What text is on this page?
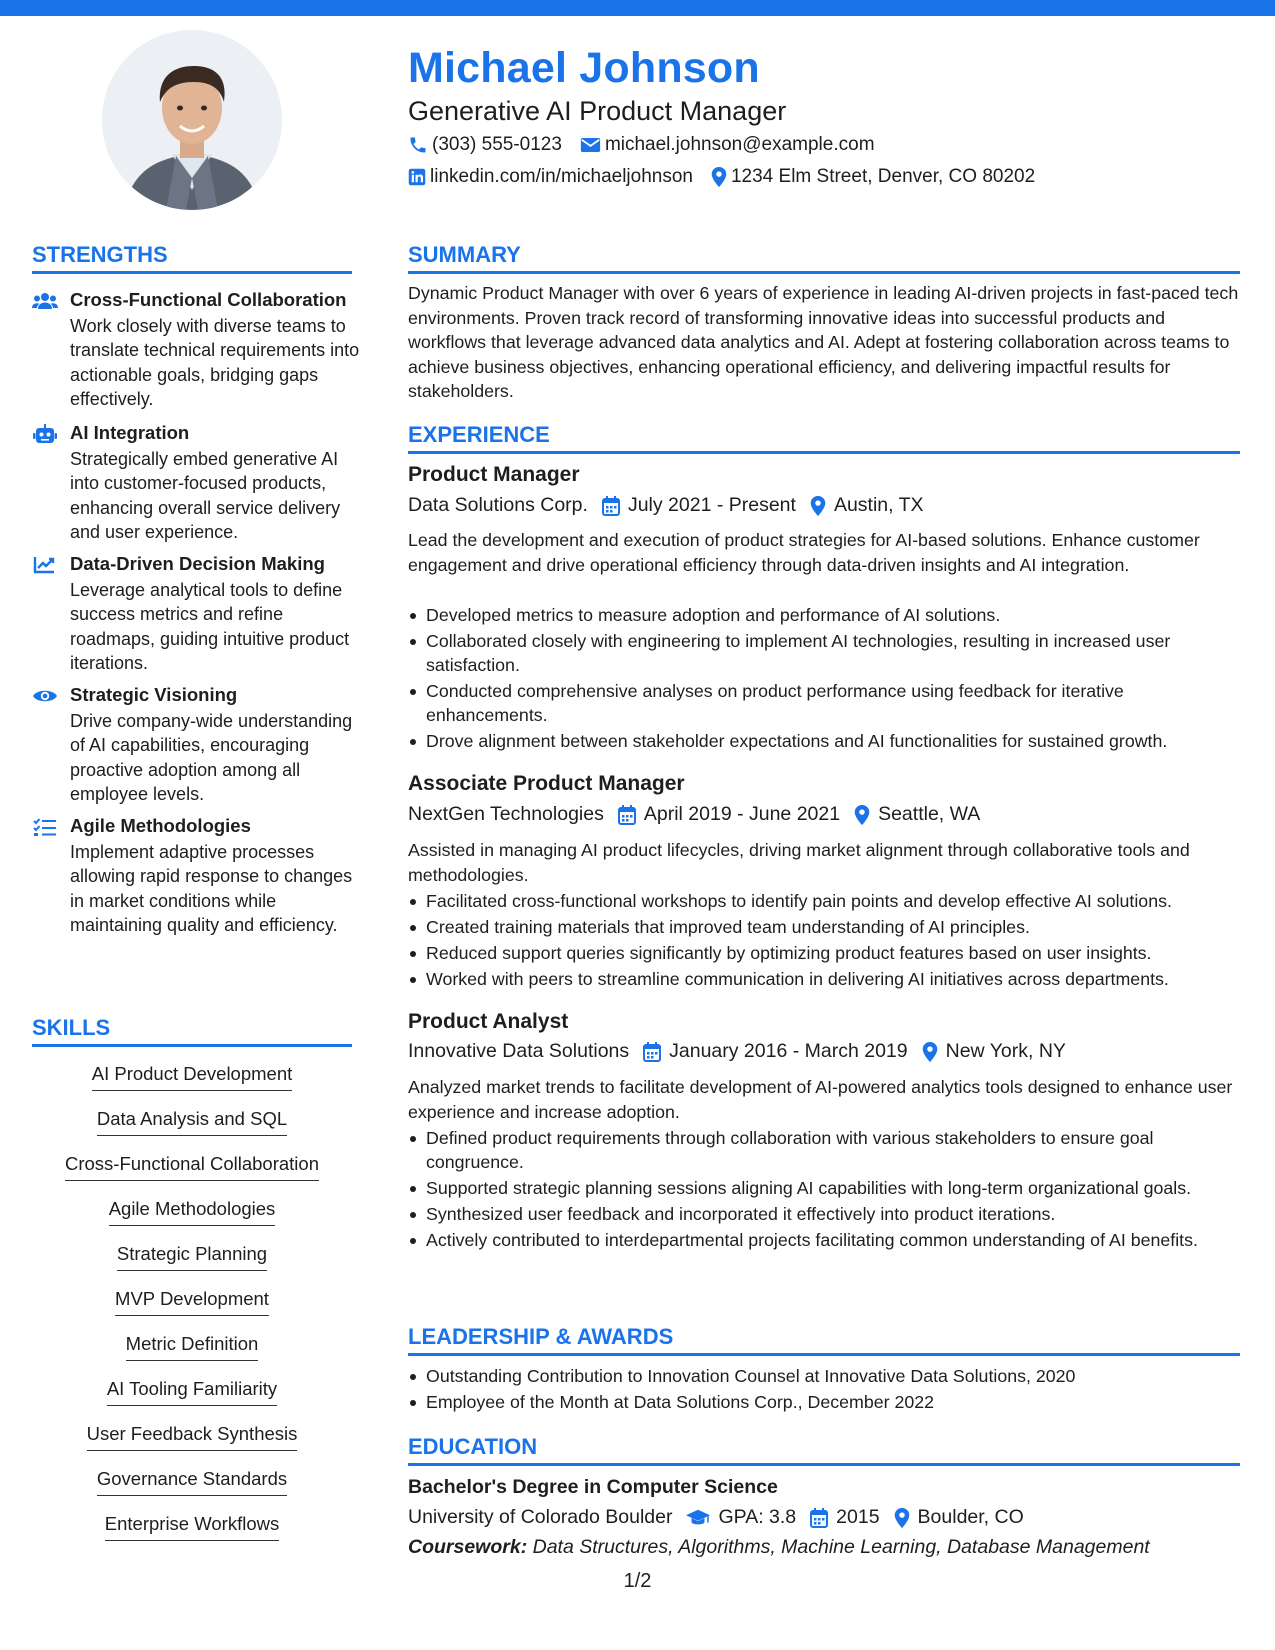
Michael Johnson
Generative AI Product Manager
(303) 555-0123 michael.johnson@example.com
linkedin.com/in/michaeljohnson 1234 Elm Street, Denver, CO 80202
STRENGTHS
Cross-Functional Collaboration
Work closely with diverse teams to translate technical requirements into actionable goals, bridging gaps effectively.
AI Integration
Strategically embed generative AI into customer-focused products, enhancing overall service delivery and user experience.
Data-Driven Decision Making
Leverage analytical tools to define success metrics and refine roadmaps, guiding intuitive product iterations.
Strategic Visioning
Drive company-wide understanding of AI capabilities, encouraging proactive adoption among all employee levels.
Agile Methodologies
Implement adaptive processes allowing rapid response to changes in market conditions while maintaining quality and efficiency.
SKILLS
AI Product Development
Data Analysis and SQL
Cross-Functional Collaboration
Agile Methodologies
Strategic Planning
MVP Development
Metric Definition
AI Tooling Familiarity
User Feedback Synthesis
Governance Standards
Enterprise Workflows
SUMMARY
Dynamic Product Manager with over 6 years of experience in leading AI-driven projects in fast-paced tech environments. Proven track record of transforming innovative ideas into successful products and workflows that leverage advanced data analytics and AI. Adept at fostering collaboration across teams to achieve business objectives, enhancing operational efficiency, and delivering impactful results for stakeholders.
EXPERIENCE
Product Manager
Data Solutions Corp. July 2021 - Present Austin, TX
Lead the development and execution of product strategies for AI-based solutions. Enhance customer engagement and drive operational efficiency through data-driven insights and AI integration.
Developed metrics to measure adoption and performance of AI solutions.
Collaborated closely with engineering to implement AI technologies, resulting in increased user satisfaction.
Conducted comprehensive analyses on product performance using feedback for iterative enhancements.
Drove alignment between stakeholder expectations and AI functionalities for sustained growth.
Associate Product Manager
NextGen Technologies April 2019 - June 2021 Seattle, WA
Assisted in managing AI product lifecycles, driving market alignment through collaborative tools and methodologies.
Facilitated cross-functional workshops to identify pain points and develop effective AI solutions.
Created training materials that improved team understanding of AI principles.
Reduced support queries significantly by optimizing product features based on user insights.
Worked with peers to streamline communication in delivering AI initiatives across departments.
Product Analyst
Innovative Data Solutions January 2016 - March 2019 New York, NY
Analyzed market trends to facilitate development of AI-powered analytics tools designed to enhance user experience and increase adoption.
Defined product requirements through collaboration with various stakeholders to ensure goal congruence.
Supported strategic planning sessions aligning AI capabilities with long-term organizational goals.
Synthesized user feedback and incorporated it effectively into product iterations.
Actively contributed to interdepartmental projects facilitating common understanding of AI benefits.
LEADERSHIP & AWARDS
Outstanding Contribution to Innovation Counsel at Innovative Data Solutions, 2020
Employee of the Month at Data Solutions Corp., December 2022
EDUCATION
Bachelor's Degree in Computer Science
University of Colorado Boulder GPA: 3.8 2015 Boulder, CO
Coursework: Data Structures, Algorithms, Machine Learning, Database Management
1/2
